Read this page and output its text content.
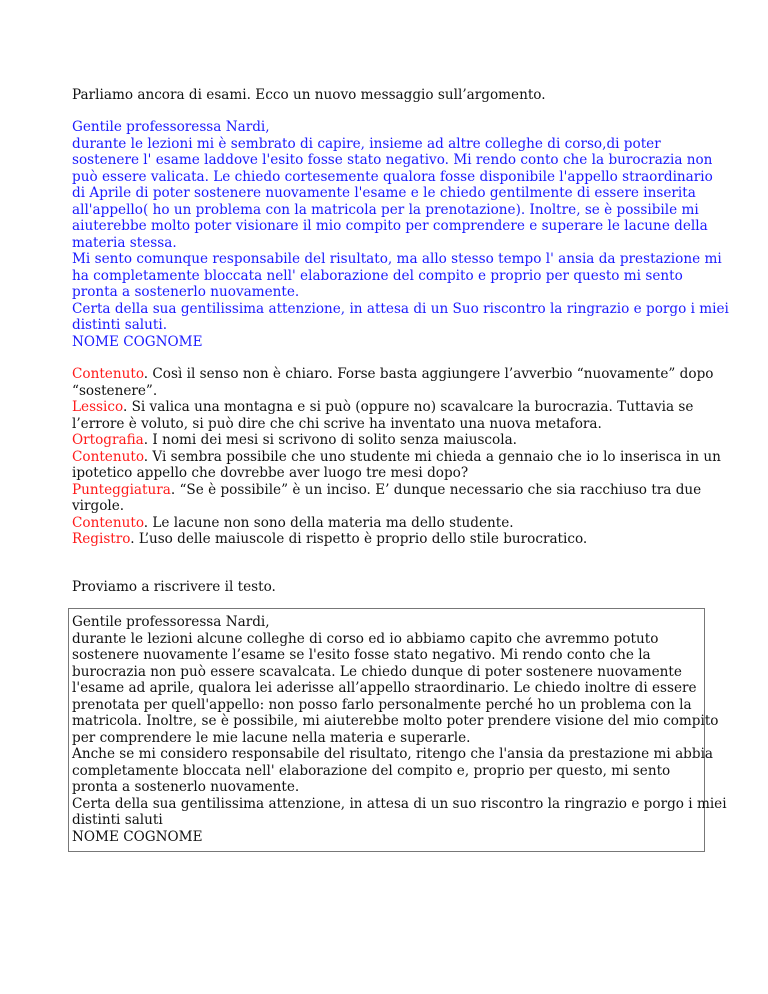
Parliamo ancora di esami. Ecco un nuovo messaggio sull’argomento.
Gentile professoressa Nardi,
durante le lezioni mi è sembrato di capire, insieme ad altre colleghe di corso,di poter
sostenere l' esame laddove l'esito fosse stato negativo. Mi rendo conto che la burocrazia non
può essere valicata. Le chiedo cortesemente qualora fosse disponibile l'appello straordinario
di Aprile di poter sostenere nuovamente l'esame e le chiedo gentilmente di essere inserita
all'appello( ho un problema con la matricola per la prenotazione). Inoltre, se è possibile mi
aiuterebbe molto poter visionare il mio compito per comprendere e superare le lacune della
materia stessa.
Mi sento comunque responsabile del risultato, ma allo stesso tempo l' ansia da prestazione mi
ha completamente bloccata nell' elaborazione del compito e proprio per questo mi sento
pronta a sostenerlo nuovamente.
Certa della sua gentilissima attenzione, in attesa di un Suo riscontro la ringrazio e porgo i miei
distinti saluti.
NOME COGNOME
Contenuto. Così il senso non è chiaro. Forse basta aggiungere l’avverbio “nuovamente” dopo
“sostenere”.
Lessico. Si valica una montagna e si può (oppure no) scavalcare la burocrazia. Tuttavia se
l’errore è voluto, si può dire che chi scrive ha inventato una nuova metafora.
Ortografia. I nomi dei mesi si scrivono di solito senza maiuscola.
Contenuto. Vi sembra possibile che uno studente mi chieda a gennaio che io lo inserisca in un
ipotetico appello che dovrebbe aver luogo tre mesi dopo?
Punteggiatura. “Se è possibile” è un inciso. E’ dunque necessario che sia racchiuso tra due
virgole.
Contenuto. Le lacune non sono della materia ma dello studente.
Registro. L’uso delle maiuscole di rispetto è proprio dello stile burocratico.
Proviamo a riscrivere il testo.
Gentile professoressa Nardi,
durante le lezioni alcune colleghe di corso ed io abbiamo capito che avremmo potuto
sostenere nuovamente l’esame se l'esito fosse stato negativo. Mi rendo conto che la
burocrazia non può essere scavalcata. Le chiedo dunque di poter sostenere nuovamente
l'esame ad aprile, qualora lei aderisse all’appello straordinario. Le chiedo inoltre di essere
prenotata per quell'appello: non posso farlo personalmente perché ho un problema con la
matricola. Inoltre, se è possibile, mi aiuterebbe molto poter prendere visione del mio compito
per comprendere le mie lacune nella materia e superarle.
Anche se mi considero responsabile del risultato, ritengo che l'ansia da prestazione mi abbia
completamente bloccata nell' elaborazione del compito e, proprio per questo, mi sento
pronta a sostenerlo nuovamente.
Certa della sua gentilissima attenzione, in attesa di un suo riscontro la ringrazio e porgo i miei
distinti saluti
NOME COGNOME
